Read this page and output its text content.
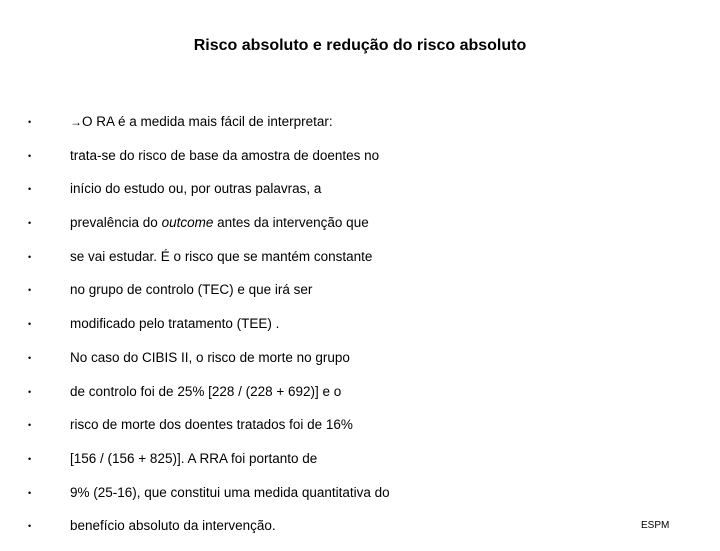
Risco absoluto e redução do risco absoluto
•	→O RA é a medida mais fácil de interpretar:
•	trata-se do risco de base da amostra de doentes no
•	início do estudo ou, por outras palavras, a
•	prevalência do outcome antes da intervenção que
•	se vai estudar. É o risco que se mantém constante
•	no grupo de controlo (TEC) e que irá ser
•	modificado pelo tratamento (TEE) .
•	No caso do CIBIS II, o risco de morte no grupo
•	de controlo foi de 25% [228 / (228 + 692)] e o
•	risco de morte dos doentes tratados foi de 16%
•	[156 / (156 + 825)]. A RRA foi portanto de
•	9% (25-16), que constitui uma medida quantitativa do
•	benefício absoluto da intervenção.	ESPM
